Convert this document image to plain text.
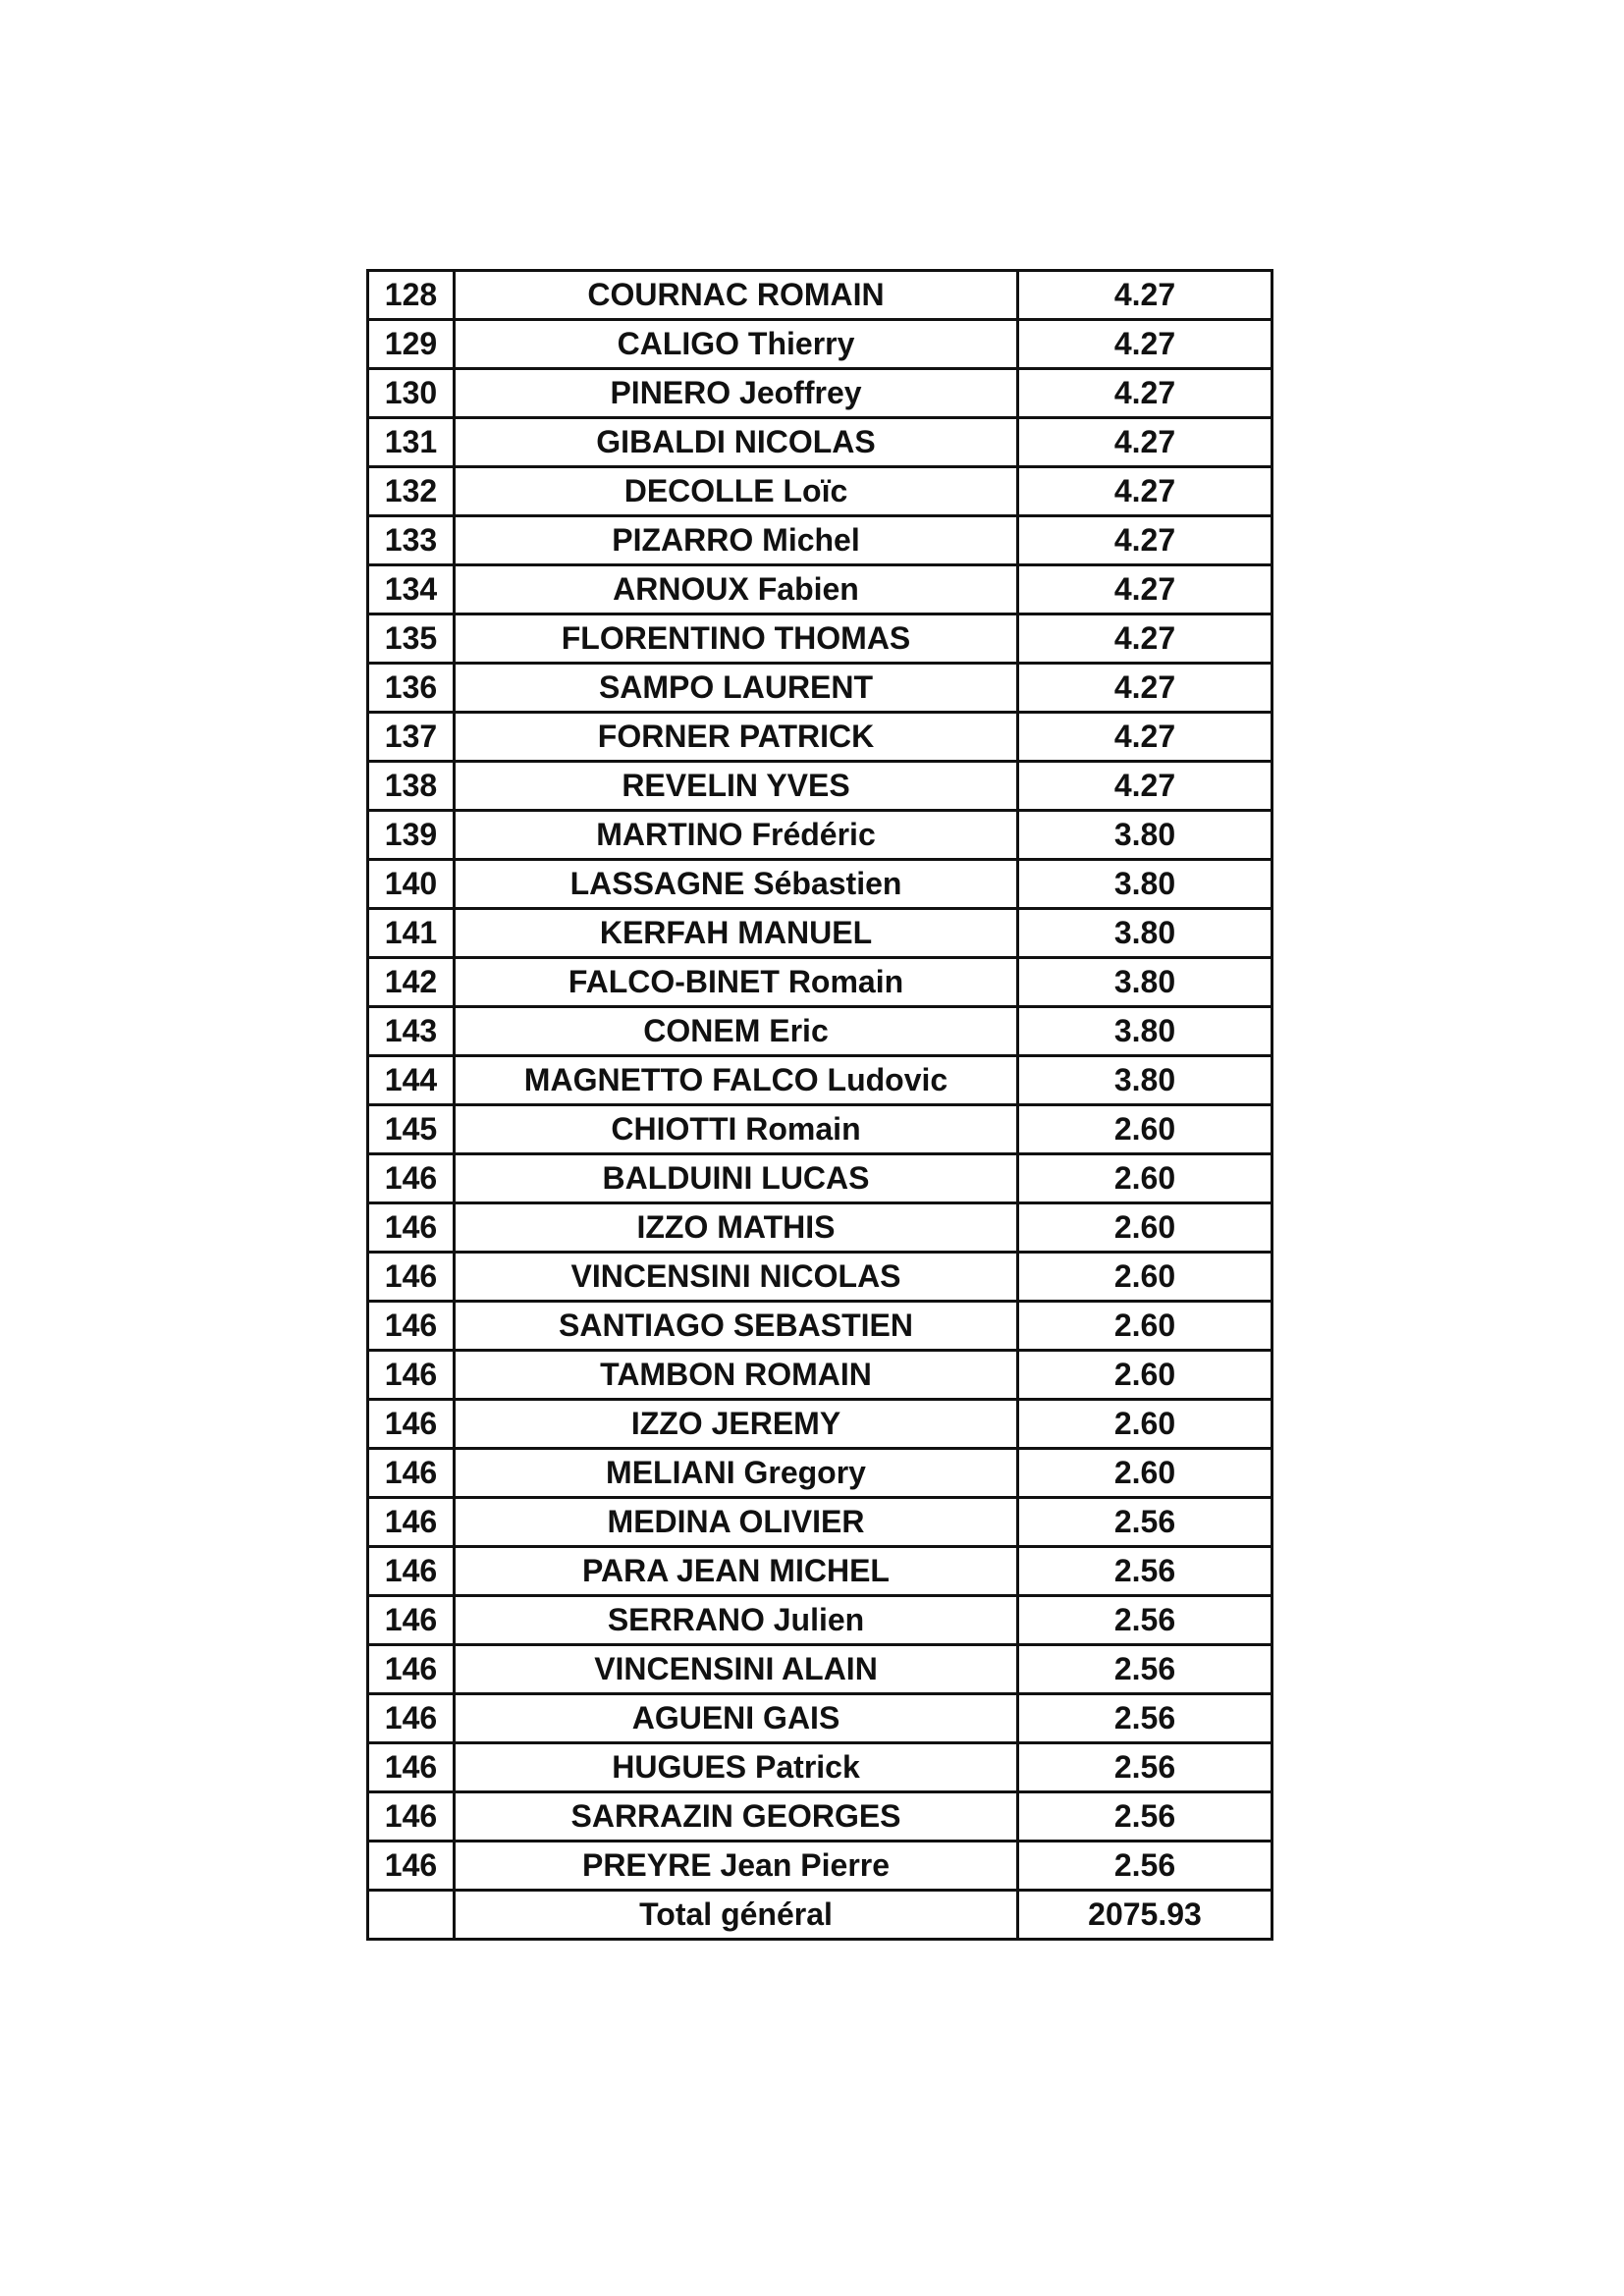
128	COURNAC ROMAIN	4.27
129	CALIGO Thierry	4.27
130	PINERO Jeoffrey	4.27
131	GIBALDI NICOLAS	4.27
132	DECOLLE Loïc	4.27
133	PIZARRO Michel	4.27
134	ARNOUX Fabien	4.27
135	FLORENTINO THOMAS	4.27
136	SAMPO LAURENT	4.27
137	FORNER PATRICK	4.27
138	REVELIN YVES	4.27
139	MARTINO Frédéric	3.80
140	LASSAGNE Sébastien	3.80
141	KERFAH MANUEL	3.80
142	FALCO-BINET Romain	3.80
143	CONEM Eric	3.80
144	MAGNETTO FALCO Ludovic	3.80
145	CHIOTTI Romain	2.60
146	BALDUINI LUCAS	2.60
146	IZZO MATHIS	2.60
146	VINCENSINI NICOLAS	2.60
146	SANTIAGO SEBASTIEN	2.60
146	TAMBON ROMAIN	2.60
146	IZZO JEREMY	2.60
146	MELIANI Gregory	2.60
146	MEDINA OLIVIER	2.56
146	PARA JEAN MICHEL	2.56
146	SERRANO Julien	2.56
146	VINCENSINI ALAIN	2.56
146	AGUENI GAIS	2.56
146	HUGUES Patrick	2.56
146	SARRAZIN GEORGES	2.56
146	PREYRE Jean Pierre	2.56
	Total général	2075.93
